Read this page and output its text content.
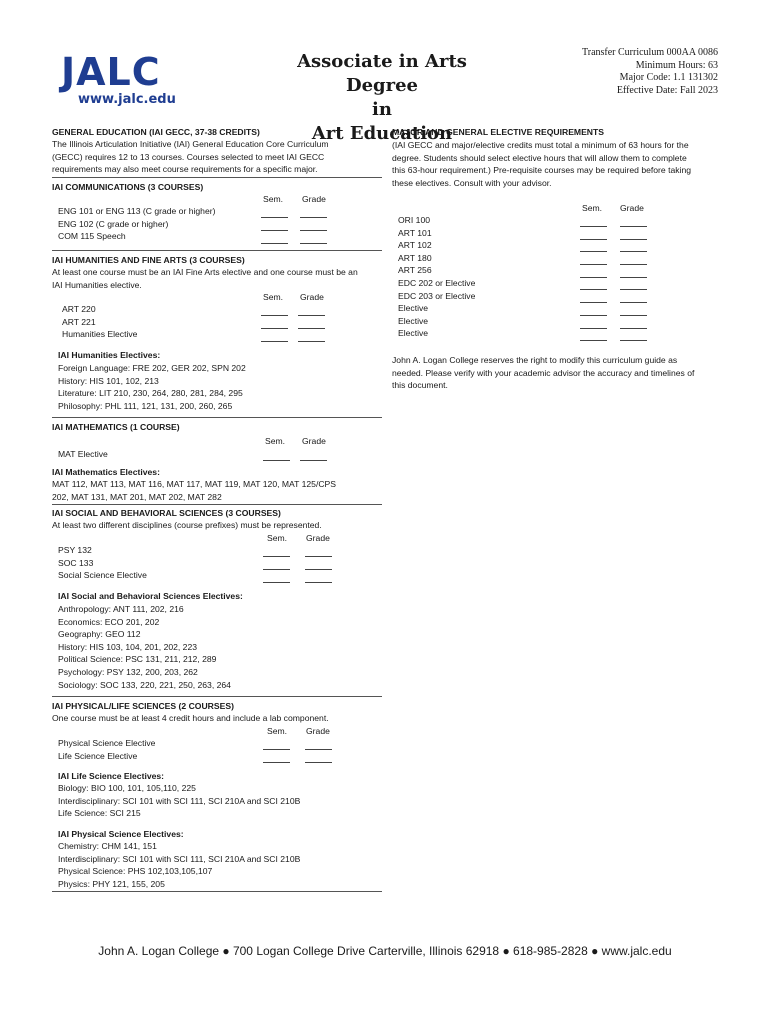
JALC
www.jalc.edu
Associate in Arts Degree
in
Art Education
Transfer Curriculum 000AA 0086
Minimum Hours: 63
Major Code: 1.1 131302
Effective Date: Fall 2023
GENERAL EDUCATION (IAI GECC, 37-38 CREDITS)
The Illinois Articulation Initiative (IAI) General Education Core Curriculum
(GECC) requires 12 to 13 courses. Courses selected to meet IAI GECC
requirements may also meet course requirements for a specific major.
IAI COMMUNICATIONS (3 COURSES)
Sem. Grade
ENG 101 or ENG 113 (C grade or higher)
ENG 102 (C grade or higher)
COM 115 Speech
IAI HUMANITIES AND FINE ARTS (3 COURSES)
At least one course must be an IAI Fine Arts elective and one course must be an
IAI Humanities elective.
Sem. Grade
ART 220
ART 221
Humanities Elective
IAI Humanities Electives:
Foreign Language: FRE 202, GER 202, SPN 202
History: HIS 101, 102, 213
Literature: LIT 210, 230, 264, 280, 281, 284, 295
Philosophy: PHL 111, 121, 131, 200, 260, 265
IAI MATHEMATICS (1 COURSE)
Sem. Grade
MAT Elective
IAI Mathematics Electives:
MAT 112, MAT 113, MAT 116, MAT 117, MAT 119, MAT 120, MAT 125/CPS
202, MAT 131, MAT 201, MAT 202, MAT 282
IAI SOCIAL AND BEHAVIORAL SCIENCES (3 COURSES)
At least two different disciplines (course prefixes) must be represented.
Sem. Grade
PSY 132
SOC 133
Social Science Elective
IAI Social and Behavioral Sciences Electives:
Anthropology: ANT 111, 202, 216
Economics: ECO 201, 202
Geography: GEO 112
History: HIS 103, 104, 201, 202, 223
Political Science: PSC 131, 211, 212, 289
Psychology: PSY 132, 200, 203, 262
Sociology: SOC 133, 220, 221, 250, 263, 264
IAI PHYSICAL/LIFE SCIENCES (2 COURSES)
One course must be at least 4 credit hours and include a lab component.
Sem. Grade
Physical Science Elective
Life Science Elective
IAI Life Science Electives:
Biology: BIO 100, 101, 105,110, 225
Interdisciplinary: SCI 101 with SCI 111, SCI 210A and SCI 210B
Life Science: SCI 215
IAI Physical Science Electives:
Chemistry: CHM 141, 151
Interdisciplinary: SCI 101 with SCI 111, SCI 210A and SCI 210B
Physical Science: PHS 102,103,105,107
Physics: PHY 121, 155, 205
MAJOR AND GENERAL ELECTIVE REQUIREMENTS
(IAI GECC and major/elective credits must total a minimum of 63 hours for the
degree. Students should select elective hours that will allow them to complete
this 63-hour requirement.) Pre-requisite courses may be required before taking
these electives. Consult with your advisor.
Sem. Grade
ORI 100
ART 101
ART 102
ART 180
ART 256
EDC 202 or Elective
EDC 203 or Elective
Elective
Elective
Elective
John A. Logan College reserves the right to modify this curriculum guide as
needed. Please verify with your academic advisor the accuracy and timelines of
this document.
John A. Logan College ● 700 Logan College Drive Carterville, Illinois 62918 ● 618-985-2828 ● www.jalc.edu
